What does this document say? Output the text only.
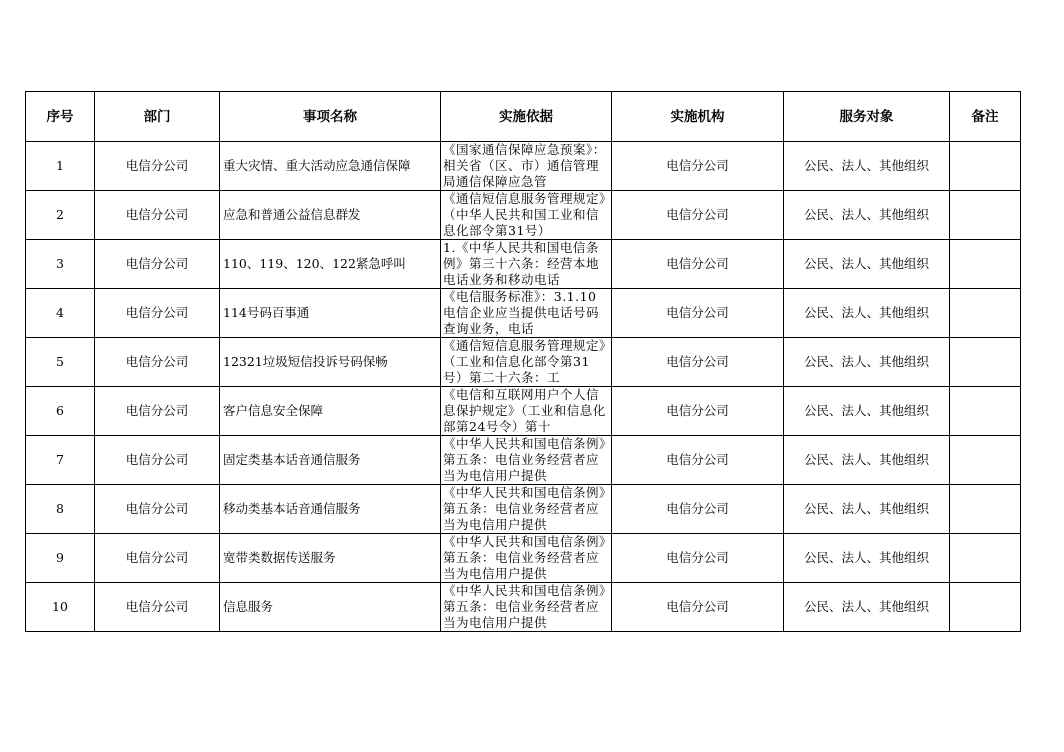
序号	部门	事项名称	实施依据	实施机构	服务对象	备注
1	电信分公司	重大灾情、重大活动应急通信保障	《国家通信保障应急预案》：相关省（区、市）通信管理局通信保障应急管	电信分公司	公民、法人、其他组织	
2	电信分公司	应急和普通公益信息群发	《通信短信息服务管理规定》（中华人民共和国工业和信息化部令第31号）	电信分公司	公民、法人、其他组织	
3	电信分公司	110、119、120、122紧急呼叫	1.《中华人民共和国电信条例》第三十六条：经营本地电话业务和移动电话	电信分公司	公民、法人、其他组织	
4	电信分公司	114号码百事通	《电信服务标准》：3.1.10电信企业应当提供电话号码查询业务，电话	电信分公司	公民、法人、其他组织	
5	电信分公司	12321垃圾短信投诉号码保畅	《通信短信息服务管理规定》（工业和信息化部令第31号）第二十六条：工	电信分公司	公民、法人、其他组织	
6	电信分公司	客户信息安全保障	《电信和互联网用户个人信息保护规定》（工业和信息化部第24号令）第十	电信分公司	公民、法人、其他组织	
7	电信分公司	固定类基本话音通信服务	《中华人民共和国电信条例》第五条：电信业务经营者应当为电信用户提供	电信分公司	公民、法人、其他组织	
8	电信分公司	移动类基本话音通信服务	《中华人民共和国电信条例》第五条：电信业务经营者应当为电信用户提供	电信分公司	公民、法人、其他组织	
9	电信分公司	宽带类数据传送服务	《中华人民共和国电信条例》第五条：电信业务经营者应当为电信用户提供	电信分公司	公民、法人、其他组织	
10	电信分公司	信息服务	《中华人民共和国电信条例》第五条：电信业务经营者应当为电信用户提供	电信分公司	公民、法人、其他组织	
